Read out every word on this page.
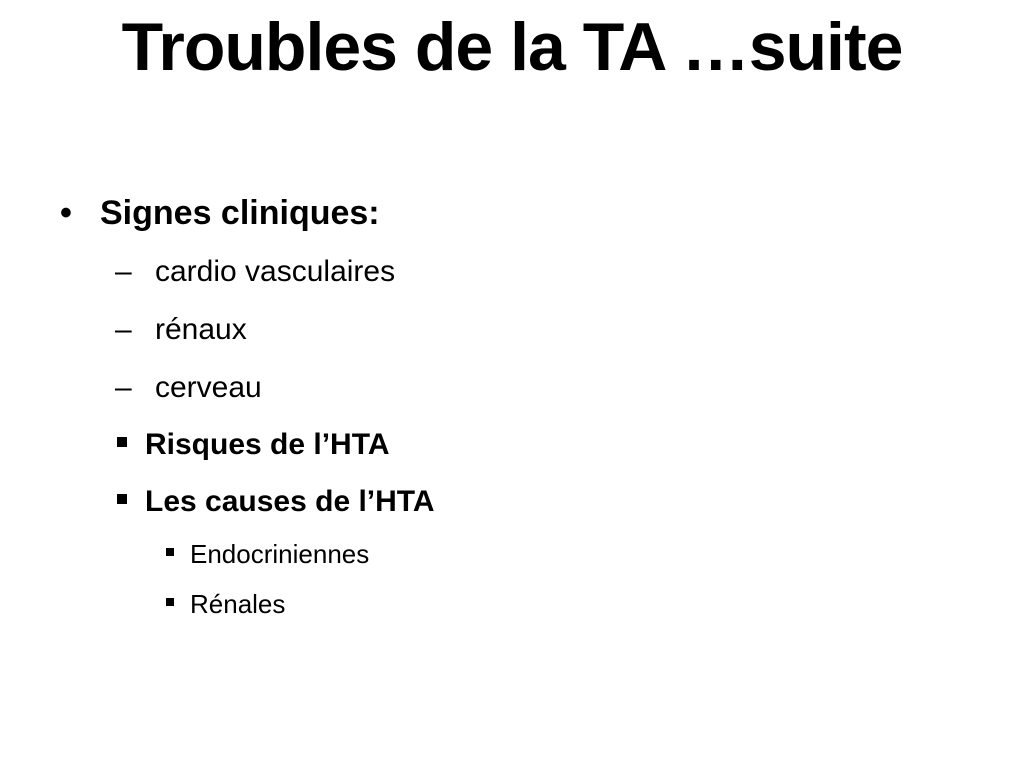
Troubles de la TA …suite
• Signes cliniques:
– cardio vasculaires
– rénaux
– cerveau
Risques de l’HTA
Les causes de l’HTA
Endocriniennes
Rénales
